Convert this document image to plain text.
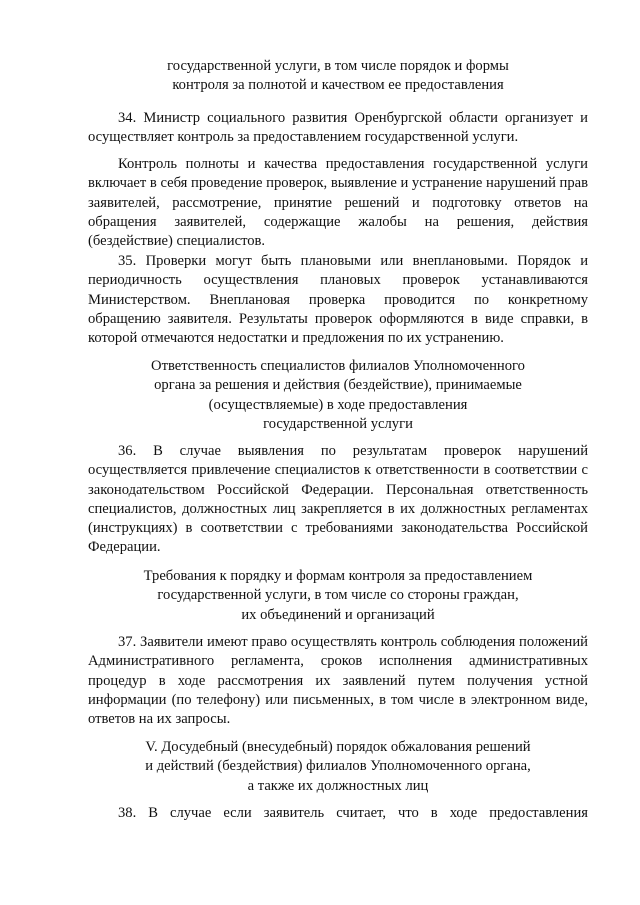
государственной услуги, в том числе порядок и формы
контроля за полнотой и качеством ее предоставления
34. Министр социального развития Оренбургской области организует и осуществляет контроль за предоставлением государственной услуги.
Контроль полноты и качества предоставления государственной услуги включает в себя проведение проверок, выявление и устранение нарушений прав заявителей, рассмотрение, принятие решений и подготовку ответов на обращения заявителей, содержащие жалобы на решения, действия (бездействие) специалистов.
35. Проверки могут быть плановыми или внеплановыми. Порядок и периодичность осуществления плановых проверок устанавливаются Министерством. Внеплановая проверка проводится по конкретному обращению заявителя. Результаты проверок оформляются в виде справки, в которой отмечаются недостатки и предложения по их устранению.
Ответственность специалистов филиалов Уполномоченного
органа за решения и действия (бездействие), принимаемые
(осуществляемые) в ходе предоставления
государственной услуги
36. В случае выявления по результатам проверок нарушений осуществляется привлечение специалистов к ответственности в соответствии с законодательством Российской Федерации. Персональная ответственность специалистов, должностных лиц закрепляется в их должностных регламентах (инструкциях) в соответствии с требованиями законодательства Российской Федерации.
Требования к порядку и формам контроля за предоставлением
государственной услуги, в том числе со стороны граждан,
их объединений и организаций
37. Заявители имеют право осуществлять контроль соблюдения положений Административного регламента, сроков исполнения административных процедур в ходе рассмотрения их заявлений путем получения устной информации (по телефону) или письменных, в том числе в электронном виде, ответов на их запросы.
V. Досудебный (внесудебный) порядок обжалования решений
и действий (бездействия) филиалов Уполномоченного органа,
а также их должностных лиц
38. В случае если заявитель считает, что в ходе предоставления
